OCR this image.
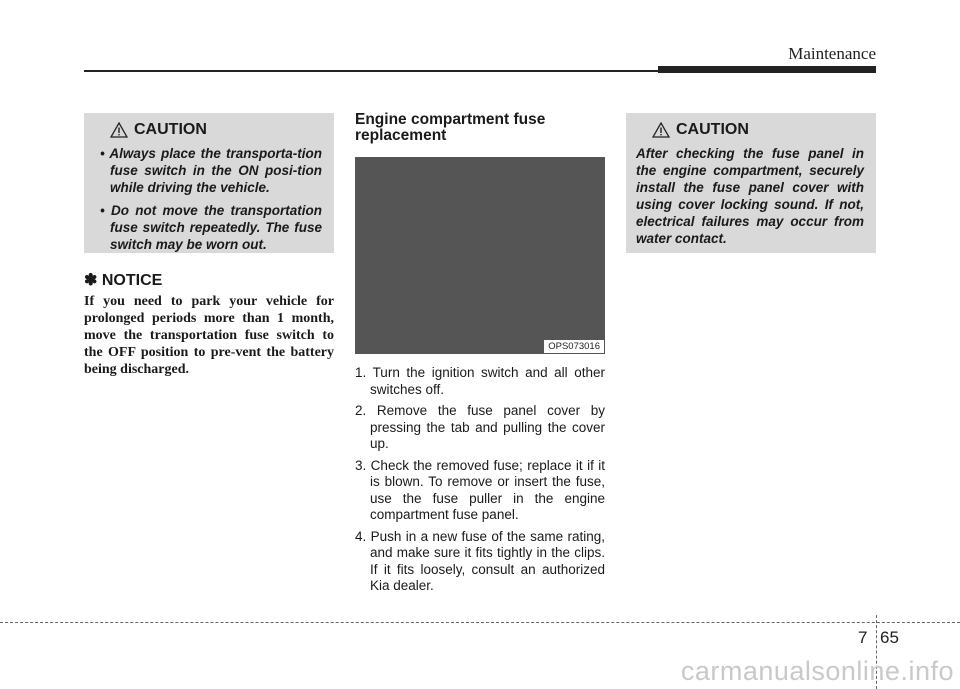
Maintenance
CAUTION
• Always place the transporta-tion fuse switch in the ON posi-tion while driving the vehicle.
• Do not move the transportation fuse switch repeatedly. The fuse switch may be worn out.
✽ NOTICE
If you need to park your vehicle for prolonged periods more than 1 month, move the transportation fuse switch to the OFF position to pre-vent the battery being discharged.
Engine compartment fuse replacement
OPS073016
1. Turn the ignition switch and all other switches off.
2. Remove the fuse panel cover by pressing the tab and pulling the cover up.
3. Check the removed fuse; replace it if it is blown. To remove or insert the fuse, use the fuse puller in the engine compartment fuse panel.
4. Push in a new fuse of the same rating, and make sure it fits tightly in the clips. If it fits loosely, consult an authorized Kia dealer.
CAUTION

After checking the fuse panel in the engine compartment, securely install the fuse panel cover with using cover locking sound. If not, electrical failures may occur from water contact.

7 65
carmanualsonline.info
